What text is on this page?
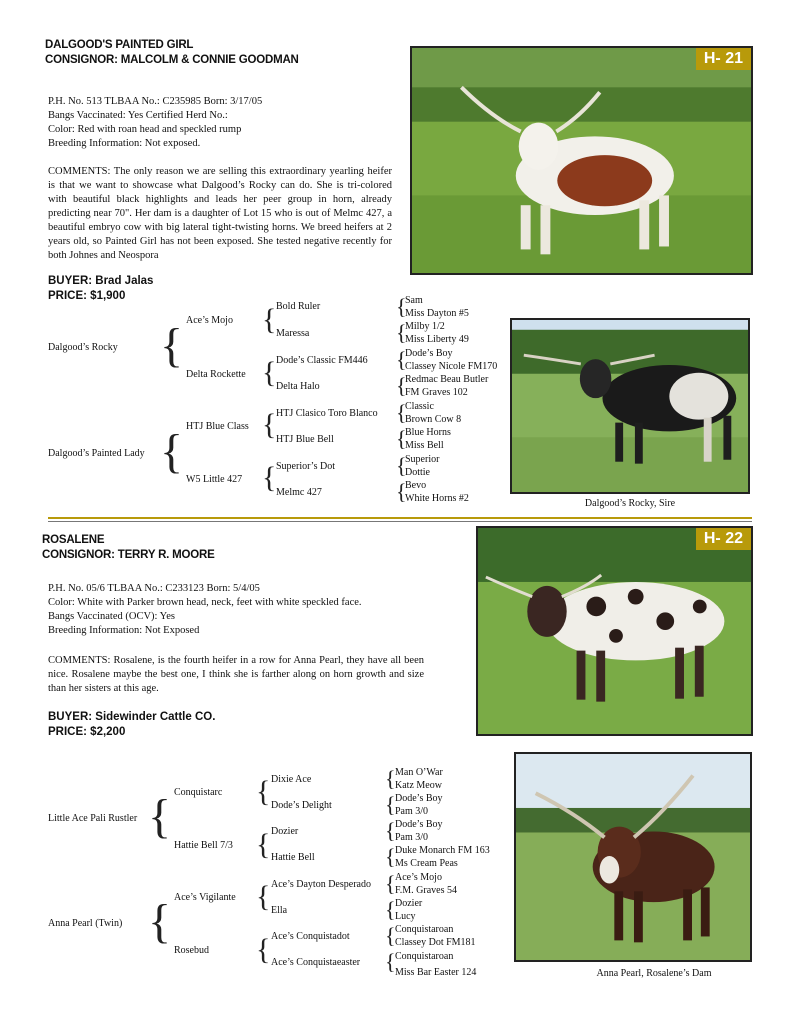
DALGOOD'S PAINTED GIRL
CONSIGNOR: MALCOLM & CONNIE GOODMAN
P.H. No. 513 TLBAA No.: C235985 Born: 3/17/05
Bangs Vaccinated: Yes Certified Herd No.:
Color: Red with roan head and speckled rump
Breeding Information: Not exposed.
COMMENTS: The only reason we are selling this extraordinary yearling heifer is that we want to showcase what Dalgood’s Rocky can do. She is tri-colored with beautiful black highlights and leads her peer group in horn, already predicting near 70". Her dam is a daughter of Lot 15 who is out of Melmc 427, a beautiful embryo cow with big lateral tight-twisting horns. We breed heifers at 2 years old, so Painted Girl has not been exposed. She tested negative recently for both Johnes and Neospora
BUYER: Brad Jalas
PRICE: $1,900
H- 21
Dalgood’s Rocky
Dalgood’s Painted Lady
{
{
Ace’s Mojo
Delta Rockette
HTJ Blue Class
W5 Little 427
{
{
{
{
Bold Ruler
Maressa
Dode’s Classic FM446
Delta Halo
HTJ Clasico Toro Blanco
HTJ Blue Bell
Superior’s Dot
Melmc 427
{
{
{
{
{
{
{
{
Sam
Miss Dayton #5
Milby 1/2
Miss Liberty 49
Dode’s Boy
Classey Nicole FM170
Redmac Beau Butler
FM Graves 102
Classic
Brown Cow 8
Blue Horns
Miss Bell
Superior
Dottie
Bevo
White Horns #2	Dalgood’s Rocky, Sire
ROSALENE
CONSIGNOR: TERRY R. MOORE
P.H. No. 05/6 TLBAA No.: C233123 Born: 5/4/05
Color: White with Parker brown head, neck, feet with white speckled face.
Bangs Vaccinated (OCV): Yes
Breeding Information: Not Exposed
COMMENTS: Rosalene, is the fourth heifer in a row for Anna Pearl, they have all been nice. Rosalene maybe the best one, I think she is farther along on horn growth and size than her sisters at this age.
BUYER: Sidewinder Cattle CO.
PRICE: $2,200
H- 22
Little Ace Pali Rustler
Anna Pearl (Twin)
{
{
Conquistarc
Hattie Bell 7/3
Ace’s Vigilante
Rosebud
{
{
{
{
Dixie Ace
Dode’s Delight
Dozier
Hattie Bell
Ace’s Dayton Desperado
Ella
Ace’s Conquistadot
Ace’s Conquistaeaster
{
{
{
{
{
{
{
{
Man O’War
Katz Meow
Dode’s Boy
Pam 3/0
Dode’s Boy
Pam 3/0
Duke Monarch FM 163
Ms Cream Peas
Ace’s Mojo
F.M. Graves 54
Dozier
Lucy
Conquistaroan
Classey Dot FM181
Conquistaroan
Miss Bar Easter 124	Anna Pearl, Rosalene’s Dam
